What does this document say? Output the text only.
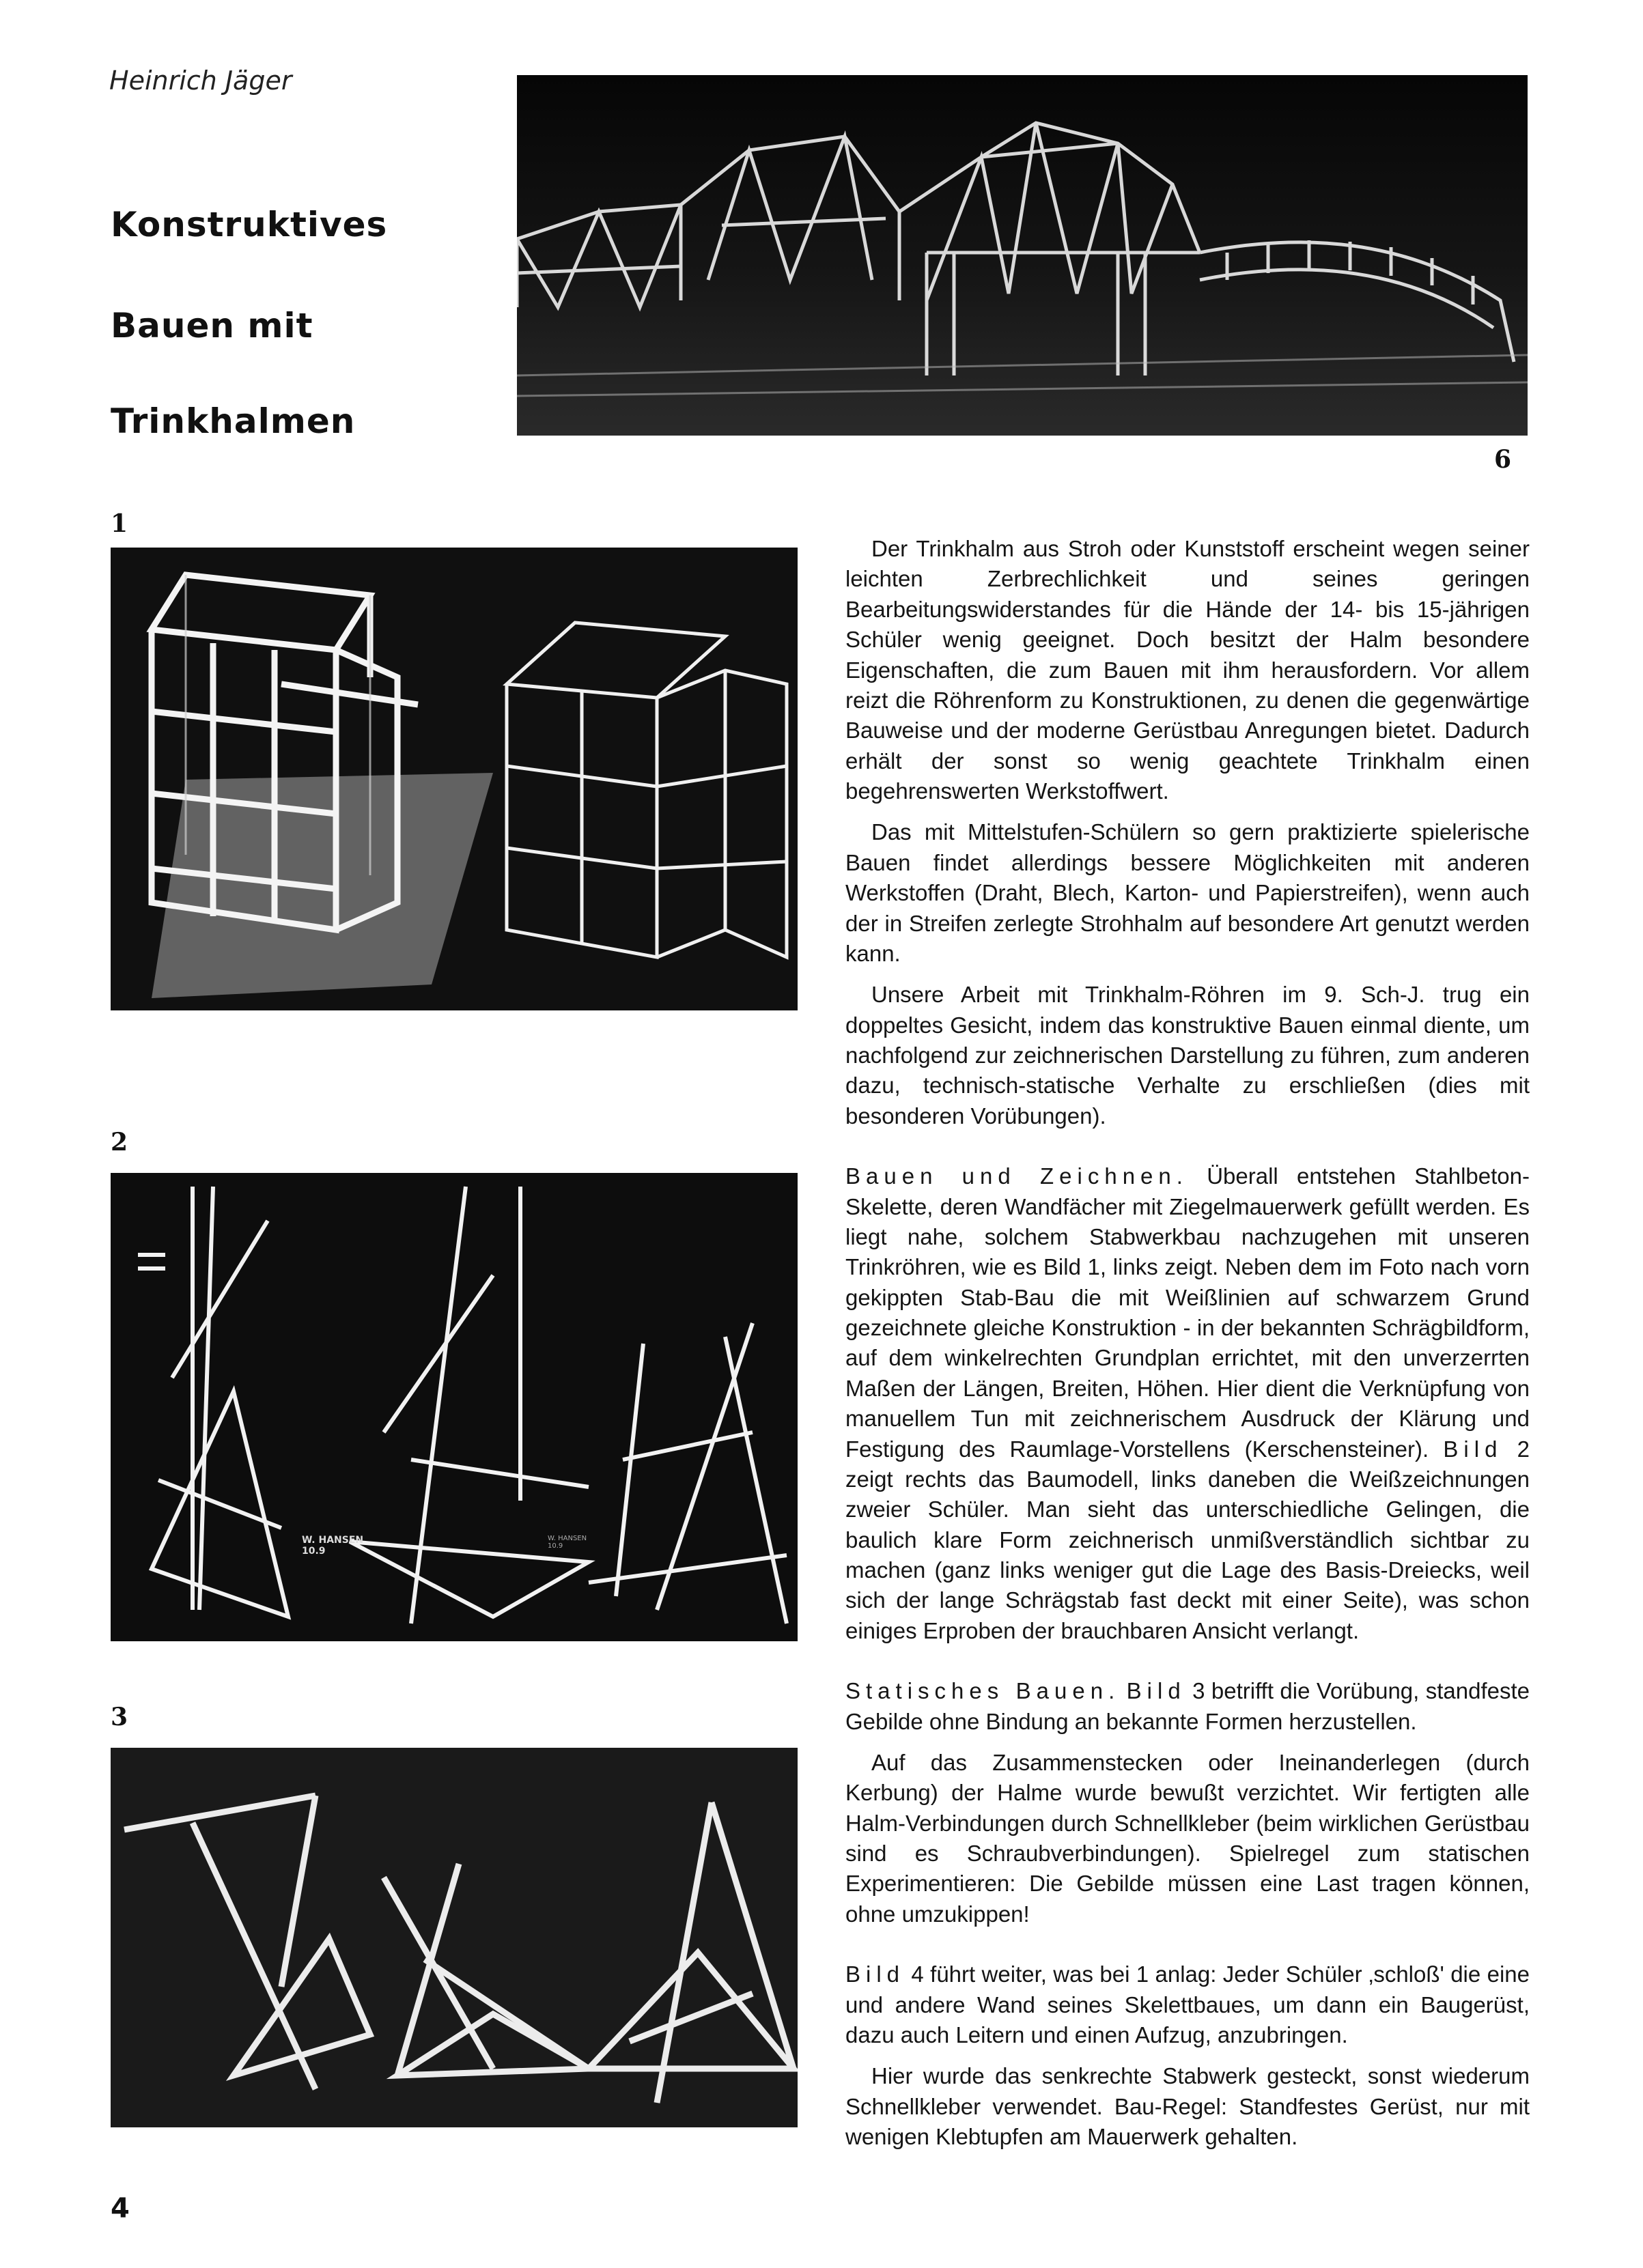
Heinrich Jäger
Konstruktives
Bauen mit
Trinkhalmen
6
1
2
W. HANSEN
10.9
W. HANSEN
10.9
3

Der Trinkhalm aus Stroh oder Kunststoff erscheint wegen seiner leichten Zerbrechlichkeit und seines geringen Bearbeitungswiderstandes für die Hände der 14- bis 15-jährigen Schüler wenig geeignet. Doch besitzt der Halm besondere Eigenschaften, die zum Bauen mit ihm herausfordern. Vor allem reizt die Röhrenform zu Konstruktionen, zu denen die gegenwärtige Bauweise und der moderne Gerüstbau Anregungen bietet. Dadurch erhält der sonst so wenig geachtete Trinkhalm einen begehrenswerten Werkstoffwert.

Das mit Mittelstufen-Schülern so gern praktizierte spielerische Bauen findet allerdings bessere Möglichkeiten mit anderen Werkstoffen (Draht, Blech, Karton- und Papierstreifen), wenn auch der in Streifen zerlegte Strohhalm auf besondere Art genutzt werden kann.

Unsere Arbeit mit Trinkhalm-Röhren im 9. Sch-J. trug ein doppeltes Gesicht, indem das konstruktive Bauen einmal diente, um nachfolgend zur zeichnerischen Darstellung zu führen, zum anderen dazu, technisch-statische Verhalte zu erschließen (dies mit besonderen Vorübungen).

Bauen und Zeichnen. Überall entstehen Stahlbeton-Skelette, deren Wandfächer mit Ziegelmauerwerk gefüllt werden. Es liegt nahe, solchem Stabwerkbau nachzugehen mit unseren Trinkröhren, wie es Bild 1, links zeigt. Neben dem im Foto nach vorn gekippten Stab-Bau die mit Weißlinien auf schwarzem Grund gezeichnete gleiche Konstruktion - in der bekannten Schrägbildform, auf dem winkelrechten Grundplan errichtet, mit den unverzerrten Maßen der Längen, Breiten, Höhen. Hier dient die Verknüpfung von manuellem Tun mit zeichnerischem Ausdruck der Klärung und Festigung des Raumlage-Vorstellens (Kerschensteiner). Bild 2 zeigt rechts das Baumodell, links daneben die Weißzeichnungen zweier Schüler. Man sieht das unterschiedliche Gelingen, die baulich klare Form zeichnerisch unmißverständlich sichtbar zu machen (ganz links weniger gut die Lage des Basis-Dreiecks, weil sich der lange Schrägstab fast deckt mit einer Seite), was schon einiges Erproben der brauchbaren Ansicht verlangt.

Statisches Bauen. Bild 3 betrifft die Vorübung, standfeste Gebilde ohne Bindung an bekannte Formen herzustellen.

Auf das Zusammenstecken oder Ineinanderlegen (durch Kerbung) der Halme wurde bewußt verzichtet. Wir fertigten alle Halm-Verbindungen durch Schnellkleber (beim wirklichen Gerüstbau sind es Schraubverbindungen). Spielregel zum statischen Experimentieren: Die Gebilde müssen eine Last tragen können, ohne umzukippen!

Bild 4 führt weiter, was bei 1 anlag: Jeder Schüler ‚schloß' die eine und andere Wand seines Skelettbaues, um dann ein Baugerüst, dazu auch Leitern und einen Aufzug, anzubringen.

Hier wurde das senkrechte Stabwerk gesteckt, sonst wiederum Schnellkleber verwendet. Bau-Regel: Standfestes Gerüst, nur mit wenigen Klebtupfen am Mauerwerk gehalten.

4
